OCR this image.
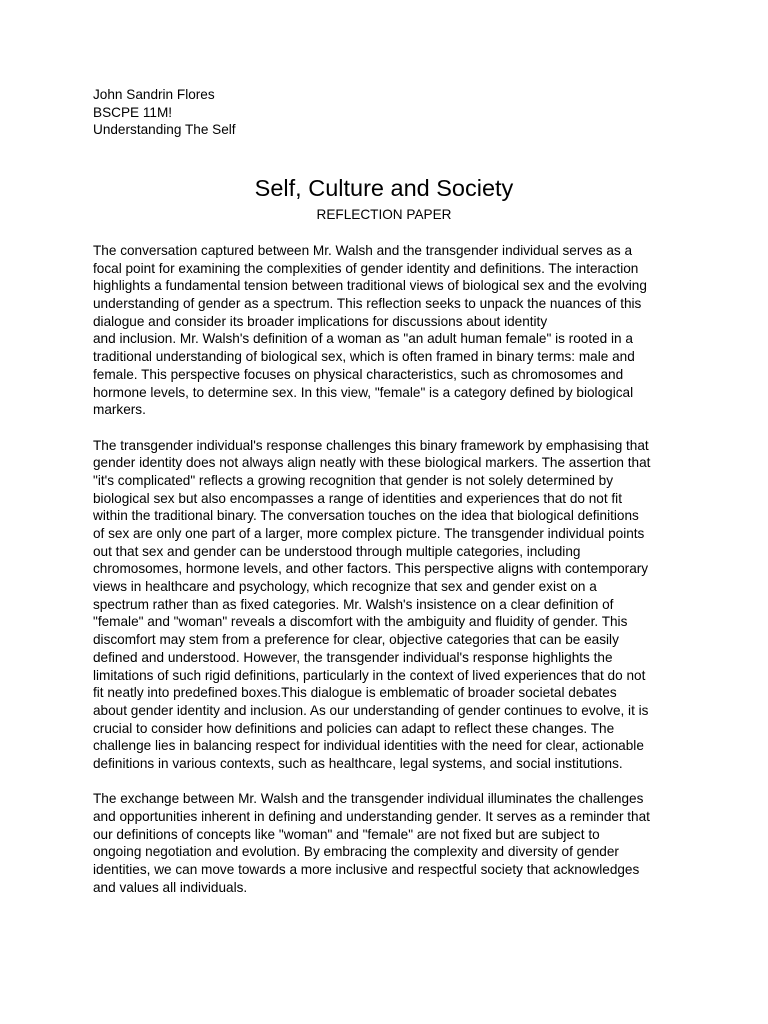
John Sandrin Flores
BSCPE 11M!
Understanding The Self
Self, Culture and Society
REFLECTION PAPER
The conversation captured between Mr. Walsh and the transgender individual serves as a
focal point for examining the complexities of gender identity and definitions. The interaction
highlights a fundamental tension between traditional views of biological sex and the evolving
understanding of gender as a spectrum. This reflection seeks to unpack the nuances of this
dialogue and consider its broader implications for discussions about identity
and inclusion. Mr. Walsh's definition of a woman as "an adult human female" is rooted in a
traditional understanding of biological sex, which is often framed in binary terms: male and
female. This perspective focuses on physical characteristics, such as chromosomes and
hormone levels, to determine sex. In this view, "female" is a category defined by biological
markers.
The transgender individual's response challenges this binary framework by emphasising that
gender identity does not always align neatly with these biological markers. The assertion that
"it's complicated" reflects a growing recognition that gender is not solely determined by
biological sex but also encompasses a range of identities and experiences that do not fit
within the traditional binary. The conversation touches on the idea that biological definitions
of sex are only one part of a larger, more complex picture. The transgender individual points
out that sex and gender can be understood through multiple categories, including
chromosomes, hormone levels, and other factors. This perspective aligns with contemporary
views in healthcare and psychology, which recognize that sex and gender exist on a
spectrum rather than as fixed categories. Mr. Walsh's insistence on a clear definition of
"female" and "woman" reveals a discomfort with the ambiguity and fluidity of gender. This
discomfort may stem from a preference for clear, objective categories that can be easily
defined and understood. However, the transgender individual's response highlights the
limitations of such rigid definitions, particularly in the context of lived experiences that do not
fit neatly into predefined boxes.This dialogue is emblematic of broader societal debates
about gender identity and inclusion. As our understanding of gender continues to evolve, it is
crucial to consider how definitions and policies can adapt to reflect these changes. The
challenge lies in balancing respect for individual identities with the need for clear, actionable
definitions in various contexts, such as healthcare, legal systems, and social institutions.
The exchange between Mr. Walsh and the transgender individual illuminates the challenges
and opportunities inherent in defining and understanding gender. It serves as a reminder that
our definitions of concepts like "woman" and "female" are not fixed but are subject to
ongoing negotiation and evolution. By embracing the complexity and diversity of gender
identities, we can move towards a more inclusive and respectful society that acknowledges
and values all individuals.
